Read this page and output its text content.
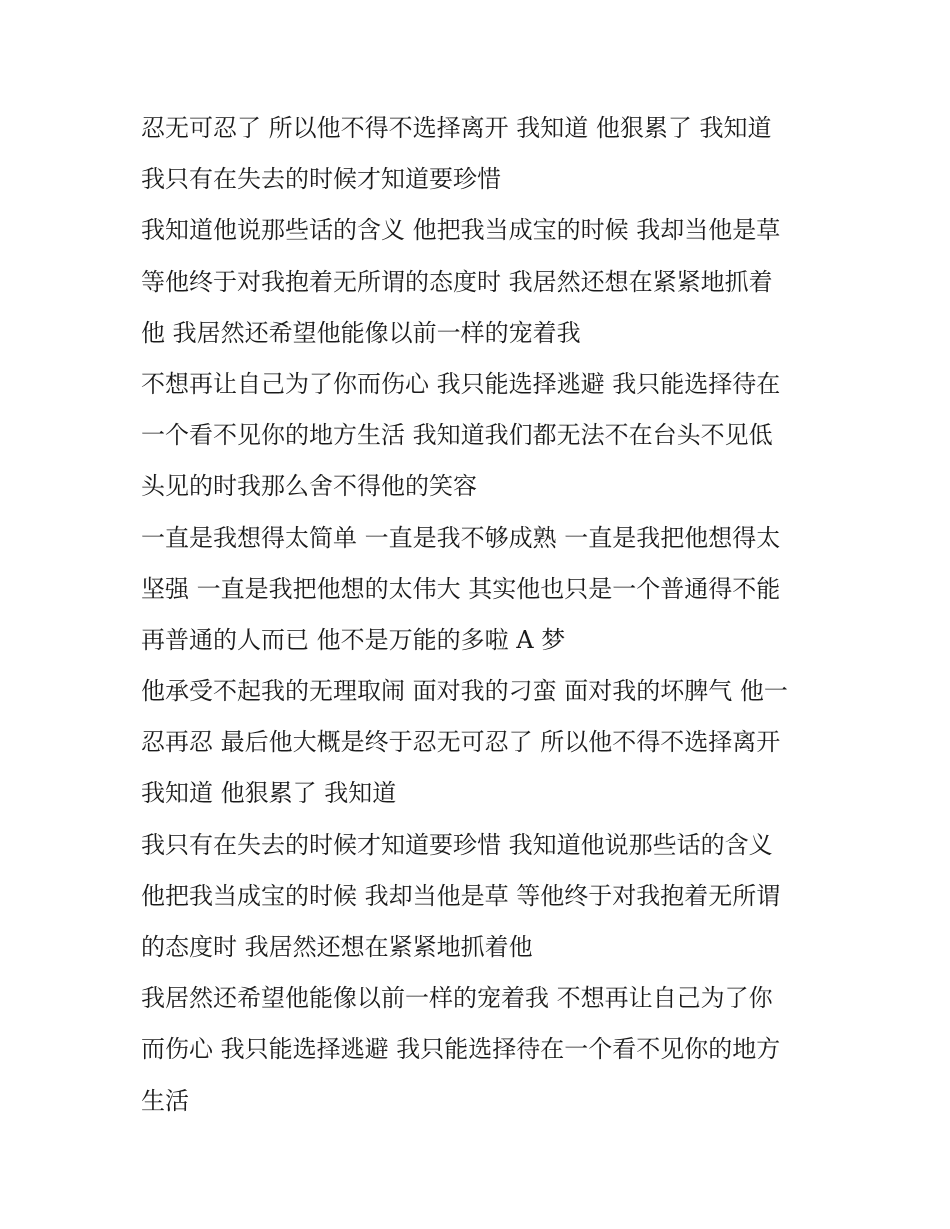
忍无可忍了 所以他不得不选择离开 我知道 他狠累了 我知道
我只有在失去的时候才知道要珍惜
我知道他说那些话的含义 他把我当成宝的时候 我却当他是草
等他终于对我抱着无所谓的态度时 我居然还想在紧紧地抓着
他 我居然还希望他能像以前一样的宠着我
不想再让自己为了你而伤心 我只能选择逃避 我只能选择待在
一个看不见你的地方生活 我知道我们都无法不在台头不见低
头见的时我那么舍不得他的笑容
一直是我想得太简单 一直是我不够成熟 一直是我把他想得太
坚强 一直是我把他想的太伟大 其实他也只是一个普通得不能
再普通的人而已 他不是万能的多啦 A 梦
他承受不起我的无理取闹 面对我的刁蛮 面对我的坏脾气 他一
忍再忍 最后他大概是终于忍无可忍了 所以他不得不选择离开
我知道 他狠累了 我知道
我只有在失去的时候才知道要珍惜 我知道他说那些话的含义
他把我当成宝的时候 我却当他是草 等他终于对我抱着无所谓
的态度时 我居然还想在紧紧地抓着他
我居然还希望他能像以前一样的宠着我 不想再让自己为了你
而伤心 我只能选择逃避 我只能选择待在一个看不见你的地方
生活
